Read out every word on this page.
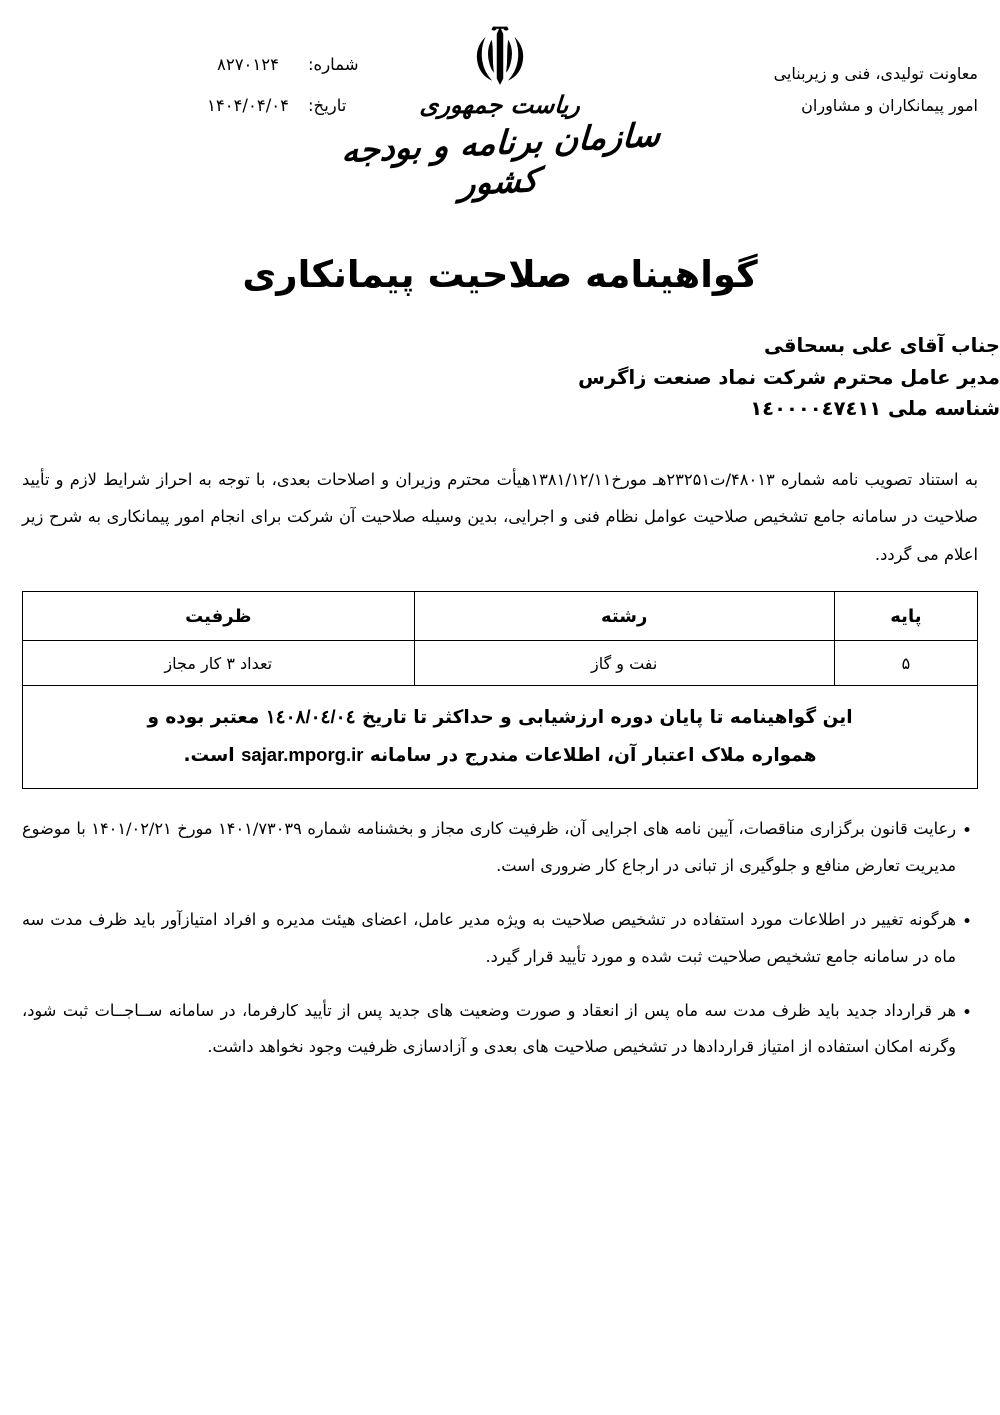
شماره:
۸۲۷۰۱۲۴
تاریخ:
۱۴۰۴/۰۴/۰۴	ریاست جمهوری
سازمان برنامه و بودجه کشور
معاونت تولیدی، فنی و زیربنایی
امور پیمانکاران و مشاوران
گواهینامه صلاحیت پیمانکاری
جناب آقای علی بسحاقی
مدیر عامل محترم شرکت نماد صنعت زاگرس
شناسه ملی ١٤٠٠٠٠٤٧٤١١
به استناد تصویب نامه شماره ۴۸۰۱۳/ت۲۳۲۵۱هـ مورخ۱۳۸۱/۱۲/۱۱هیأت محترم وزیران و اصلاحات بعدی، با توجه به احراز شرایط لازم و تأیید صلاحیت در سامانه جامع تشخیص صلاحیت عوامل نظام فنی و اجرایی، بدین وسیله صلاحیت آن شرکت برای انجام امور پیمانکاری به شرح زیر اعلام می گردد.
پایه	رشته	ظرفیت
۵	نفت و گاز	تعداد ۳ کار مجاز
این گواهینامه تا پایان دوره ارزشیابی و حداکثر تا تاریخ ١٤٠٨/٠٤/٠٤ معتبر بوده و
همواره ملاک اعتبار آن، اطلاعات مندرج در سامانه sajar.mporg.ir است.		
•
رعایت قانون برگزاری مناقصات، آیین نامه های اجرایی آن، ظرفیت کاری مجاز و بخشنامه شماره ۱۴۰۱/۷۳۰۳۹ مورخ ۱۴۰۱/۰۲/۲۱ با موضوع مدیریت تعارض منافع و جلوگیری از تبانی در ارجاع کار ضروری است.
•
هرگونه تغییر در اطلاعات مورد استفاده در تشخیص صلاحیت به ویژه مدیر عامل، اعضای هیئت مدیره و افراد امتیازآور باید ظرف مدت سه ماه در سامانه جامع تشخیص صلاحیت ثبت شده و مورد تأیید قرار گیرد.
•
هر قرارداد جدید باید ظرف مدت سه ماه پس از انعقاد و صورت وضعیت های جدید پس از تأیید کارفرما، در سامانه ســاجــات ثبت شود، وگرنه امکان استفاده از امتیاز قراردادها در تشخیص صلاحیت های بعدی و آزادسازی ظرفیت وجود نخواهد داشت.
